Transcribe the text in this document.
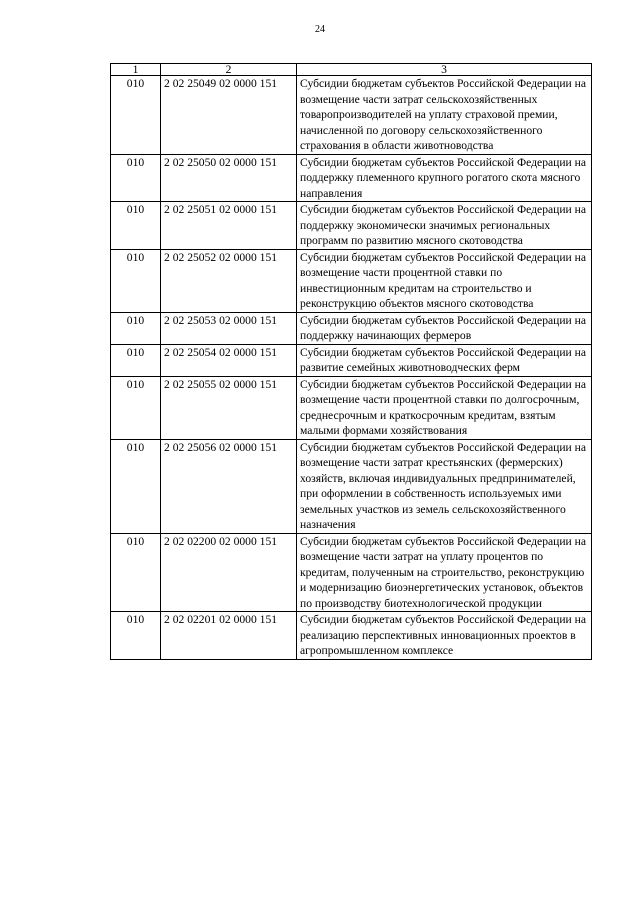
24
1	2	3
010	2 02 25049 02 0000 151	Субсидии бюджетам субъектов Российской Федерации на возмещение части затрат сельскохозяйственных товаропроизводителей на уплату страховой премии, начисленной по договору сельскохозяйственного страхования в области животноводства
010	2 02 25050 02 0000 151	Субсидии бюджетам субъектов Российской Федерации на поддержку племенного крупного рогатого скота мясного направления
010	2 02 25051 02 0000 151	Субсидии бюджетам субъектов Российской Федерации на поддержку экономически значимых региональных программ по развитию мясного скотоводства
010	2 02 25052 02 0000 151	Субсидии бюджетам субъектов Российской Федерации на возмещение части процентной ставки по инвестиционным кредитам на строительство и реконструкцию объектов мясного скотоводства
010	2 02 25053 02 0000 151	Субсидии бюджетам субъектов Российской Федерации на поддержку начинающих фермеров
010	2 02 25054 02 0000 151	Субсидии бюджетам субъектов Российской Федерации на развитие семейных животноводческих ферм
010	2 02 25055 02 0000 151	Субсидии бюджетам субъектов Российской Федерации на возмещение части процентной ставки по долгосрочным, среднесрочным и краткосрочным кредитам, взятым малыми формами хозяйствования
010	2 02 25056 02 0000 151	Субсидии бюджетам субъектов Российской Федерации на возмещение части затрат крестьянских (фермерских) хозяйств, включая индивидуальных предпринимателей, при оформлении в собственность используемых ими земельных участков из земель сельскохозяйственного назначения
010	2 02 02200 02 0000 151	Субсидии бюджетам субъектов Российской Федерации на возмещение части затрат на уплату процентов по кредитам, полученным на строительство, реконструкцию и модернизацию биоэнергетических установок, объектов по производству биотехнологической продукции
010	2 02 02201 02 0000 151	Субсидии бюджетам субъектов Российской Федерации на реализацию перспективных инновационных проектов в агропромышленном комплексе
